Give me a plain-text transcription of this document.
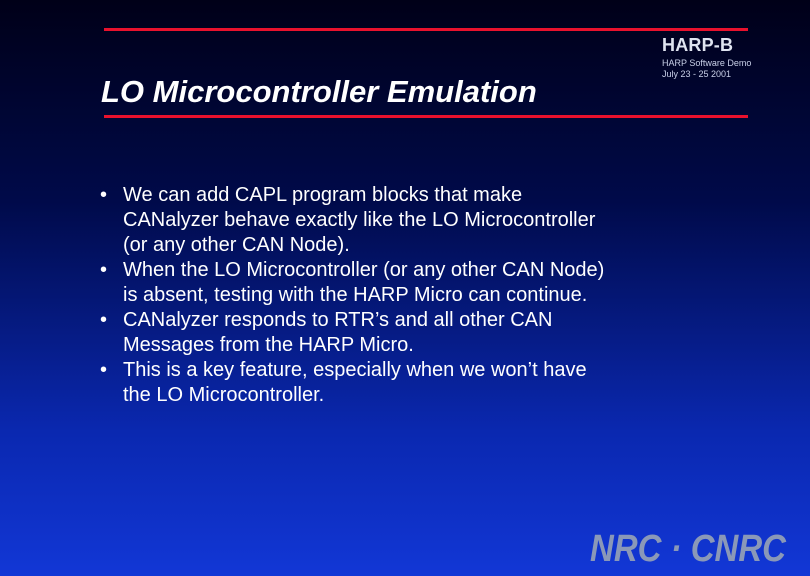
HARP-B
HARP Software Demo
July 23 - 25 2001
LO Microcontroller Emulation
• We can add CAPL program blocks that make
CANalyzer behave exactly like the LO Microcontroller
(or any other CAN Node).
• When the LO Microcontroller (or any other CAN Node)
is absent, testing with the HARP Micro can continue.
• CANalyzer responds to RTR’s and all other CAN
Messages from the HARP Micro.
• This is a key feature, especially when we won’t have
the LO Microcontroller.
NRC · CNRC
